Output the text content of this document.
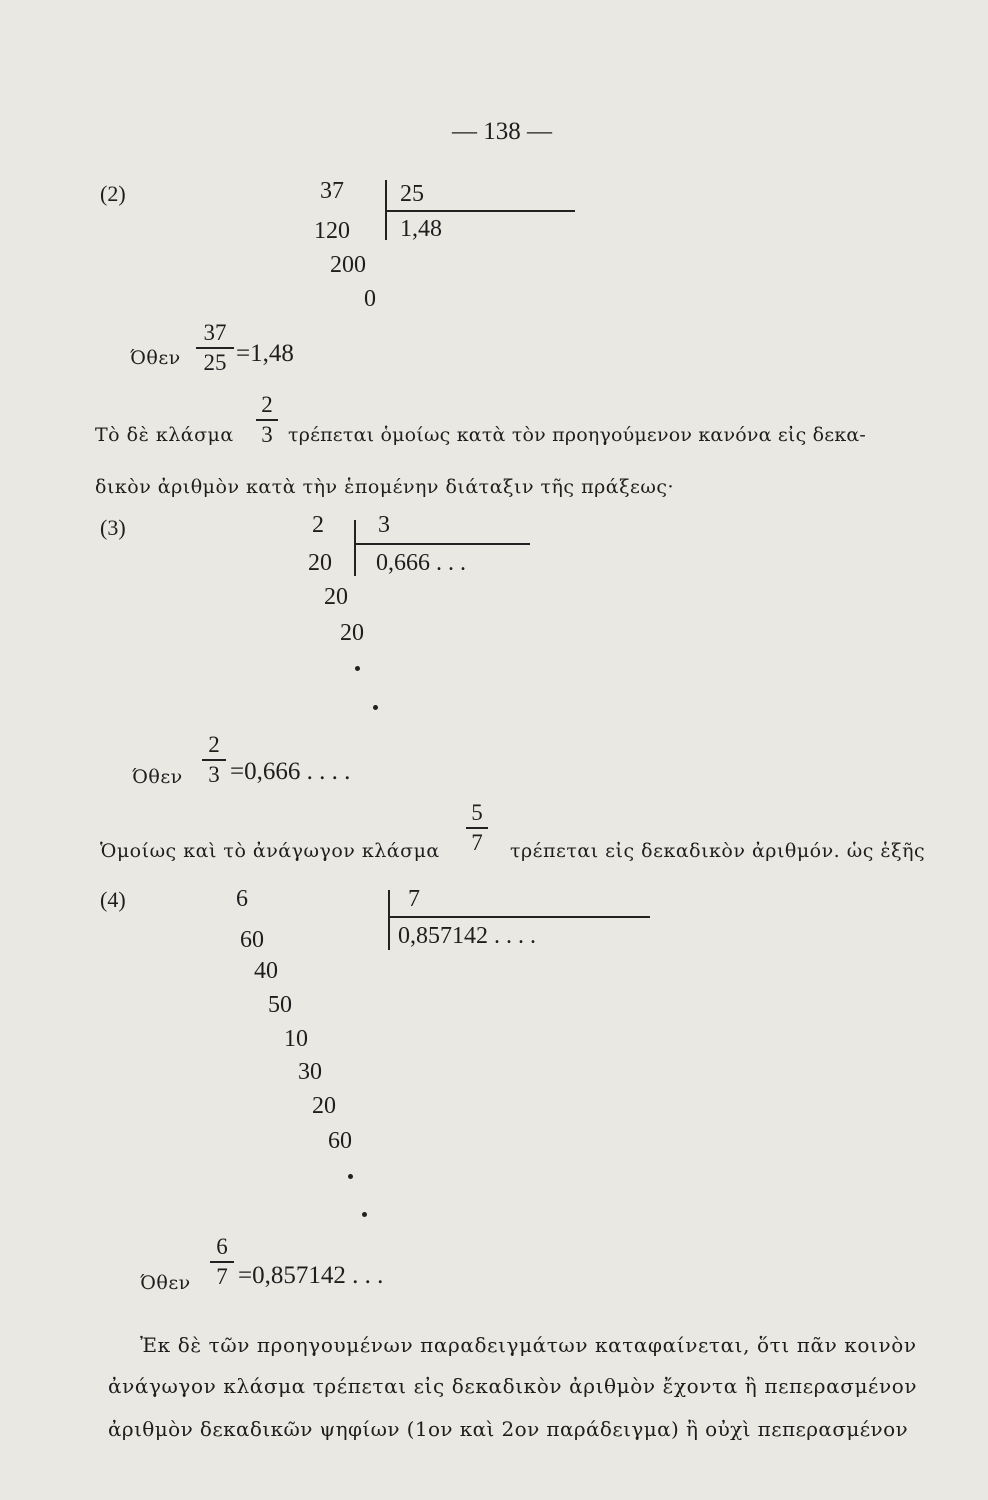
— 138 —
(2)	37
120
200
0
25
1,48
Όθεν
37
25 =1,48
Τὸ δὲ κλάσμα
2
3 τρέπεται ὁμοίως κατὰ τὸν προηγούμενον κανόνα εἰς δεκα-
δικὸν ἀριθμὸν κατὰ τὴν ἑπομένην διάταξιν τῆς πράξεως·
(3)	2
20
20
20
3
0,666 . . .
Όθεν
2
3 =0,666 . . . .
Ὁμοίως καὶ τὸ ἀνάγωγον κλάσμα
5
7 τρέπεται εἰς δεκαδικὸν ἀριθμόν. ὡς ἑξῆς
(4)	6
60
40
50
10
30
20
60
7
0,857142 . . . .
Όθεν
6
7 =0,857142 . . .
Ἐκ δὲ τῶν προηγουμένων παραδειγμάτων καταφαίνεται, ὅτι πᾶν κοινὸν
ἀνάγωγον κλάσμα τρέπεται εἰς δεκαδικὸν ἀριθμὸν ἔχοντα ἢ πεπερασμένον
ἀριθμὸν δεκαδικῶν ψηφίων (1ον καὶ 2ον παράδειγμα) ἢ οὐχὶ πεπερασμένον
